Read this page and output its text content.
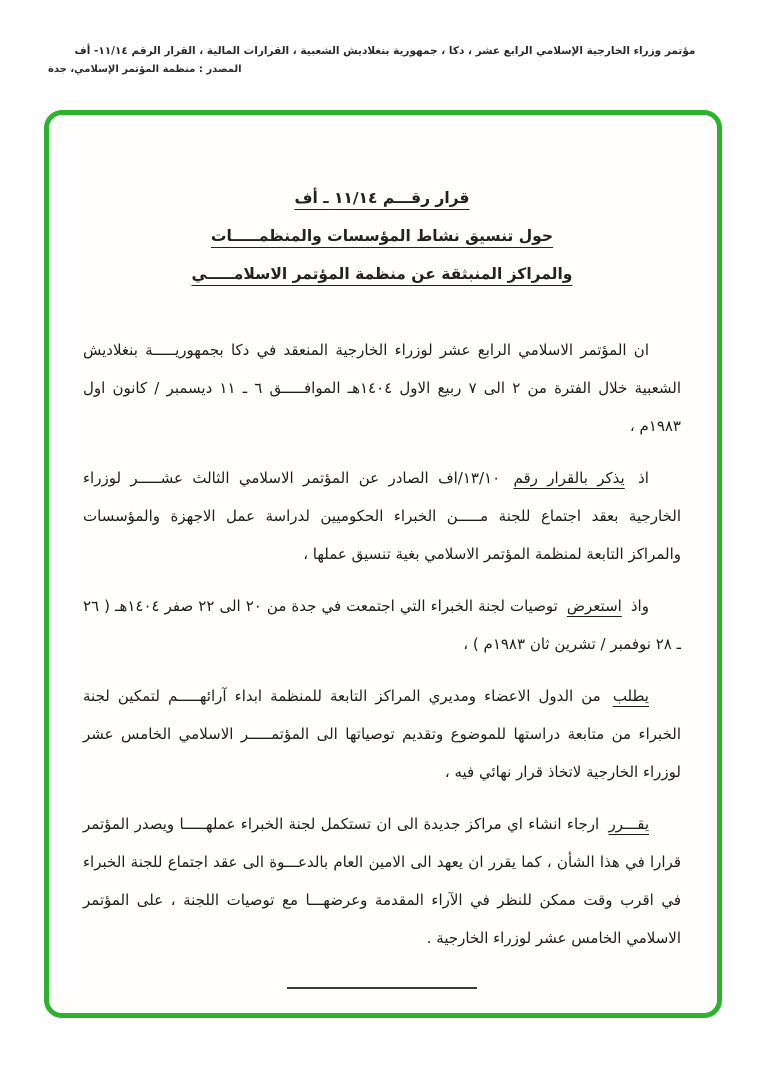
مؤتمر وزراء الخارجية الإسلامي الرابع عشر ، دكا ، جمهورية بنغلاديش الشعبية ، القرارات المالية ، القرار الرقم ١١/١٤- أف
المصدر : منظمة المؤتمر الإسلامي، جدة
قرار رقـــم ١١/١٤ ـ أف
حول تنسيق نشاط المؤسسات والمنظمـــــات
والمراكز المنبثقة عن منظمة المؤتمر الاسلامـــــي

ان المؤتمر الاسلامي الرابع عشر لوزراء الخارجية المنعقد في دكا بجمهوريـــــة بنغلاديش الشعبية خلال الفترة من ٢ الى ٧ ربيع الاول ١٤٠٤هـ الموافـــــق ٦ ـ ١١ ديسمبر / كانون اول ١٩٨٣م ،

اذ يذكر بالقرار رقم ١٣/١٠/اف الصادر عن المؤتمر الاسلامي الثالث عشـــــر لوزراء الخارجية بعقد اجتماع للجنة مـــــن الخبراء الحكوميين لدراسة عمل الاجهزة والمؤسسات والمراكز التابعة لمنظمة المؤتمر الاسلامي بغية تنسيق عملها ،

واذ استعرض توصيات لجنة الخبراء التي اجتمعت في جدة من ٢٠ الى ٢٢ صفر ١٤٠٤هـ ( ٢٦ ـ ٢٨ نوفمبر / تشرين ثان ١٩٨٣م ) ،

يطلب من الدول الاعضاء ومديري المراكز التابعة للمنظمة ابداء آرائهـــــم لتمكين لجنة الخبراء من متابعة دراستها للموضوع وتقديم توصياتها الى المؤتمـــــر الاسلامي الخامس عشر لوزراء الخارجية لاتخاذ قرار نهائي فيه ،

يقـــرر ارجاء انشاء اي مراكز جديدة الى ان تستكمل لجنة الخبراء عملهـــــا ويصدر المؤتمر قرارا في هذا الشأن ، كما يقرر ان يعهد الى الامين العام بالدعـــوة الى عقد اجتماع للجنة الخبراء في اقرب وقت ممكن للنظر في الآراء المقدمة وعرضهـــا مع توصيات اللجنة ، على المؤتمر الاسلامي الخامس عشر لوزراء الخارجية .
